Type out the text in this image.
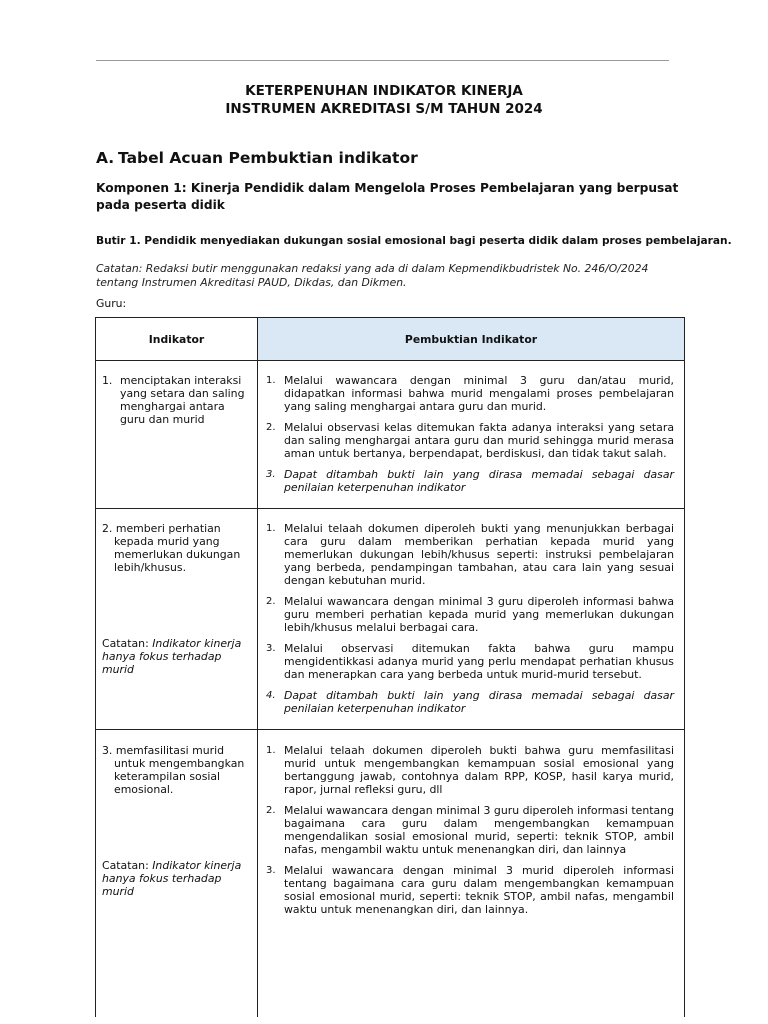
KETERPENUHAN INDIKATOR KINERJA
INSTRUMEN AKREDITASI S/M TAHUN 2024
A. Tabel Acuan Pembuktian indikator
Komponen 1: Kinerja Pendidik dalam Mengelola Proses Pembelajaran yang berpusat pada peserta didik
Butir 1. Pendidik menyediakan dukungan sosial emosional bagi peserta didik dalam proses pembelajaran.
Catatan: Redaksi butir menggunakan redaksi yang ada di dalam Kepmendikbudristek No. 246/O/2024
tentang Instrumen Akreditasi PAUD, Dikdas, dan Dikmen.
Guru:
Indikator	Pembuktian Indikator
1. menciptakan interaksi yang setara dan saling menghargai antara guru dan murid
1. Melalui wawancara dengan minimal 3 guru dan/atau murid, didapatkan informasi bahwa murid mengalami proses pembelajaran yang saling menghargai antara guru dan murid.
2. Melalui observasi kelas ditemukan fakta adanya interaksi yang setara dan saling menghargai antara guru dan murid sehingga murid merasa aman untuk bertanya, berpendapat, berdiskusi, dan tidak takut salah.
3. Dapat ditambah bukti lain yang dirasa memadai sebagai dasar penilaian keterpenuhan indikator
2. memberi perhatian
kepada murid yang memerlukan dukungan lebih/khusus.
Catatan: Indikator kinerja hanya fokus terhadap murid
1. Melalui telaah dokumen diperoleh bukti yang menunjukkan berbagai cara guru dalam memberikan perhatian kepada murid yang memerlukan dukungan lebih/khusus seperti: instruksi pembelajaran yang berbeda, pendampingan tambahan, atau cara lain yang sesuai dengan kebutuhan murid.
2. Melalui wawancara dengan minimal 3 guru diperoleh informasi bahwa guru memberi perhatian kepada murid yang memerlukan dukungan lebih/khusus melalui berbagai cara.
3. Melalui observasi ditemukan fakta bahwa guru mampu mengidentikkasi adanya murid yang perlu mendapat perhatian khusus dan menerapkan cara yang berbeda untuk murid-murid tersebut.
4. Dapat ditambah bukti lain yang dirasa memadai sebagai dasar penilaian keterpenuhan indikator
3. memfasilitasi murid
untuk mengembangkan keterampilan sosial emosional.
Catatan: Indikator kinerja hanya fokus terhadap murid
1. Melalui telaah dokumen diperoleh bukti bahwa guru memfasilitasi murid untuk mengembangkan kemampuan sosial emosional yang bertanggung jawab, contohnya dalam RPP, KOSP, hasil karya murid, rapor, jurnal refleksi guru, dll
2. Melalui wawancara dengan minimal 3 guru diperoleh informasi tentang bagaimana cara guru dalam mengembangkan kemampuan mengendalikan sosial emosional murid, seperti: teknik STOP, ambil nafas, mengambil waktu untuk menenangkan diri, dan lainnya
3. Melalui wawancara dengan minimal 3 murid diperoleh informasi tentang bagaimana cara guru dalam mengembangkan kemampuan sosial emosional murid, seperti: teknik STOP, ambil nafas, mengambil waktu untuk menenangkan diri, dan lainnya.
